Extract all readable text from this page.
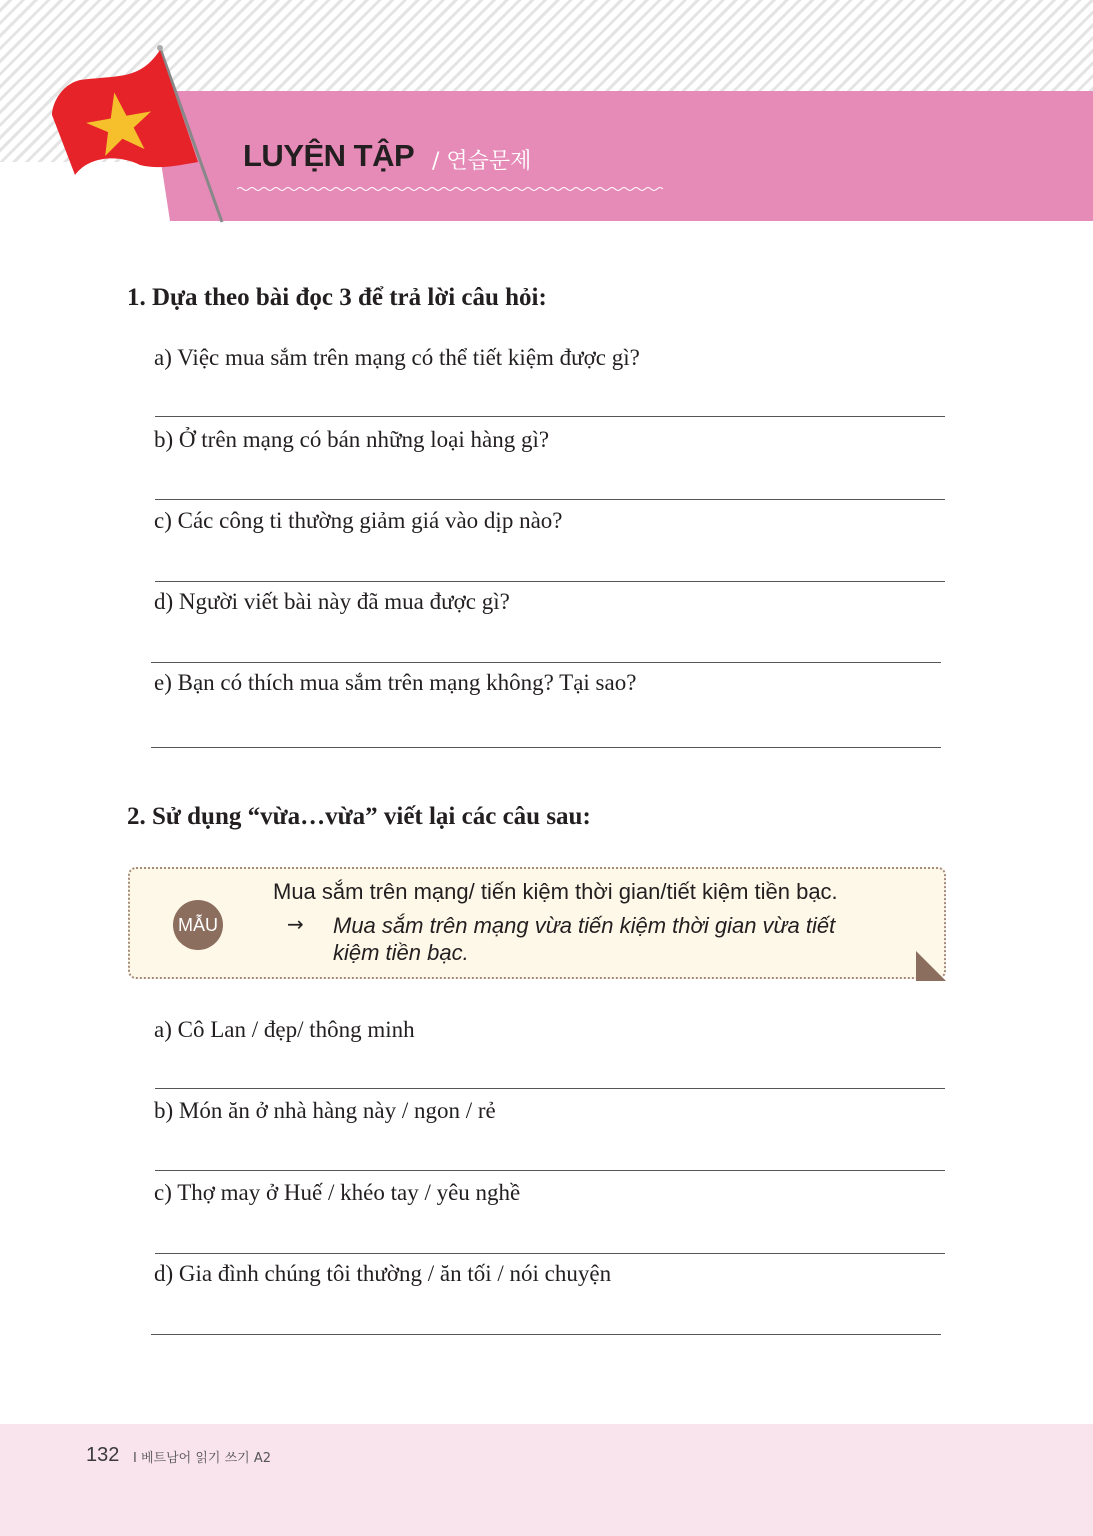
LUYỆN TẬP / 연습문제
1. Dựa theo bài đọc 3 để trả lời câu hỏi:
a) Việc mua sắm trên mạng có thể tiết kiệm được gì?
b) Ở trên mạng có bán những loại hàng gì?
c) Các công ti thường giảm giá vào dịp nào?
d) Người viết bài này đã mua được gì?
e) Bạn có thích mua sắm trên mạng không? Tại sao?
2. Sử dụng “vừa…vừa” viết lại các câu sau:
MẪU
Mua sắm trên mạng/ tiến kiệm thời gian/tiết kiệm tiền bạc.
→ Mua sắm trên mạng vừa tiến kiệm thời gian vừa tiết kiệm tiền bạc.
a) Cô Lan / đẹp/ thông minh
b) Món ăn ở nhà hàng này / ngon / rẻ
c) Thợ may ở Huế / khéo tay / yêu nghề
d) Gia đình chúng tôi thường / ăn tối / nói chuyện
132 I 베트남어 읽기 쓰기 A2
